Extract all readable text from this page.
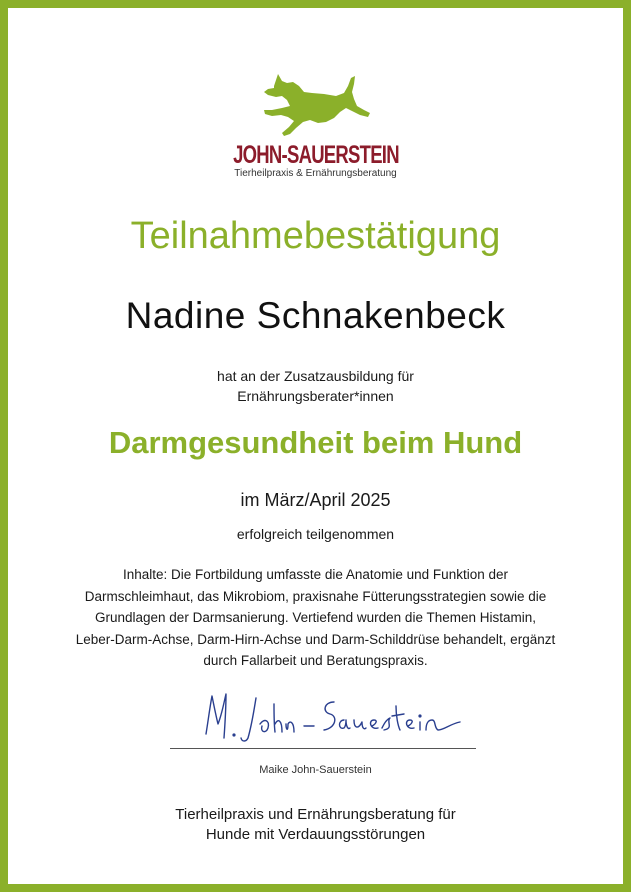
JOHN-SAUERSTEIN
Tierheilpraxis & Ernährungsberatung
Teilnahmebestätigung
Nadine Schnakenbeck
hat an der Zusatzausbildung für
Ernährungsberater*innen
Darmgesundheit beim Hund
im März/April 2025
erfolgreich teilgenommen
Inhalte: Die Fortbildung umfasste die Anatomie und Funktion der
Darmschleimhaut, das Mikrobiom, praxisnahe Fütterungsstrategien sowie die
Grundlagen der Darmsanierung. Vertiefend wurden die Themen Histamin,
Leber-Darm-Achse, Darm-Hirn-Achse und Darm-Schilddrüse behandelt, ergänzt
durch Fallarbeit und Beratungspraxis.
Maike John-Sauerstein
Tierheilpraxis und Ernährungsberatung für
Hunde mit Verdauungsstörungen
